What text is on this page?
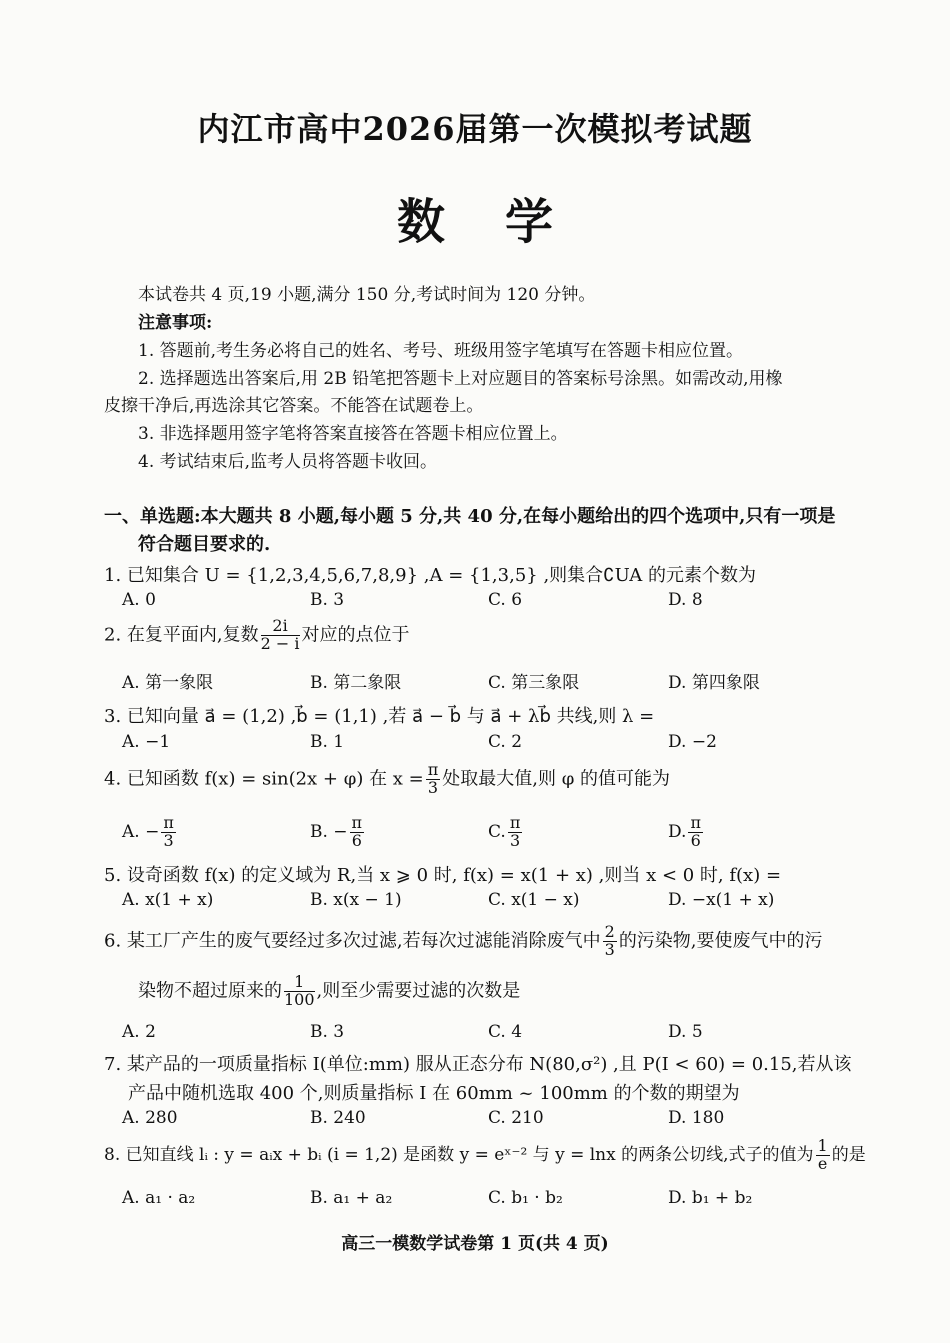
内江市高中2026届第一次模拟考试题
数学
本试卷共 4 页,19 小题,满分 150 分,考试时间为 120 分钟。
注意事项:
1. 答题前,考生务必将自己的姓名、考号、班级用签字笔填写在答题卡相应位置。
2. 选择题选出答案后,用 2B 铅笔把答题卡上对应题目的答案标号涂黑。如需改动,用橡
皮擦干净后,再选涂其它答案。不能答在试题卷上。
3. 非选择题用签字笔将答案直接答在答题卡相应位置上。
4. 考试结束后,监考人员将答题卡收回。
一、单选题:本大题共 8 小题,每小题 5 分,共 40 分,在每小题给出的四个选项中,只有一项是
符合题目要求的.
1. 已知集合 U = {1,2,3,4,5,6,7,8,9} ,A = {1,3,5} ,则集合∁UA 的元素个数为
A. 0	B. 3	C. 6	D. 8
2. 在复平面内,复数 $\frac{2i}{2 - i}$ 对应的点位于
A. 第一象限	B. 第二象限	C. 第三象限	D. 第四象限
3. 已知向量 a⃗ = (1,2) ,b⃗ = (1,1) ,若 a⃗ − b⃗ 与 a⃗ + λb⃗ 共线,则 λ =
A. −1	B. 1	C. 2	D. −2
4. 已知函数 f(x) = sin(2x + φ) 在 $x = \frac{\pi}{3}$ 处取最大值,则 φ 的值可能为
A. − $\frac{\pi}{3}$	B. − $\frac{\pi}{6}$	C. $\frac{\pi}{3}$	D. $\frac{\pi}{6}$
5. 设奇函数 f(x) 的定义域为 R,当 x ⩾ 0 时, f(x) = x(1 + x) ,则当 x < 0 时, f(x) =
A. x(1 + x)	B. x(x − 1)	C. x(1 − x)	D. −x(1 + x)
6. 某工厂产生的废气要经过多次过滤,若每次过滤能消除废气中 $\frac{2}{3}$ 的污染物,要使废气中的污
染物不超过原来的 $\frac{1}{100}$ ,则至少需要过滤的次数是
A. 2	B. 3	C. 4	D. 5
7. 某产品的一项质量指标 I(单位:mm) 服从正态分布 N(80,σ²) ,且 P(I < 60) = 0.15,若从该
产品中随机选取 400 个,则质量指标 I 在 60mm ~ 100mm 的个数的期望为
A. 280	B. 240	C. 210	D. 180
8. 已知直线 lᵢ : y = aᵢx + bᵢ (i = 1,2) 是函数 y = eˣ⁻² 与 y = lnx 的两条公切线,式子的值为 $\frac{1}{e}$ 的是
A. a₁ · a₂	B. a₁ + a₂	C. b₁ · b₂	D. b₁ + b₂
高三一模数学试卷第 1 页(共 4 页)
